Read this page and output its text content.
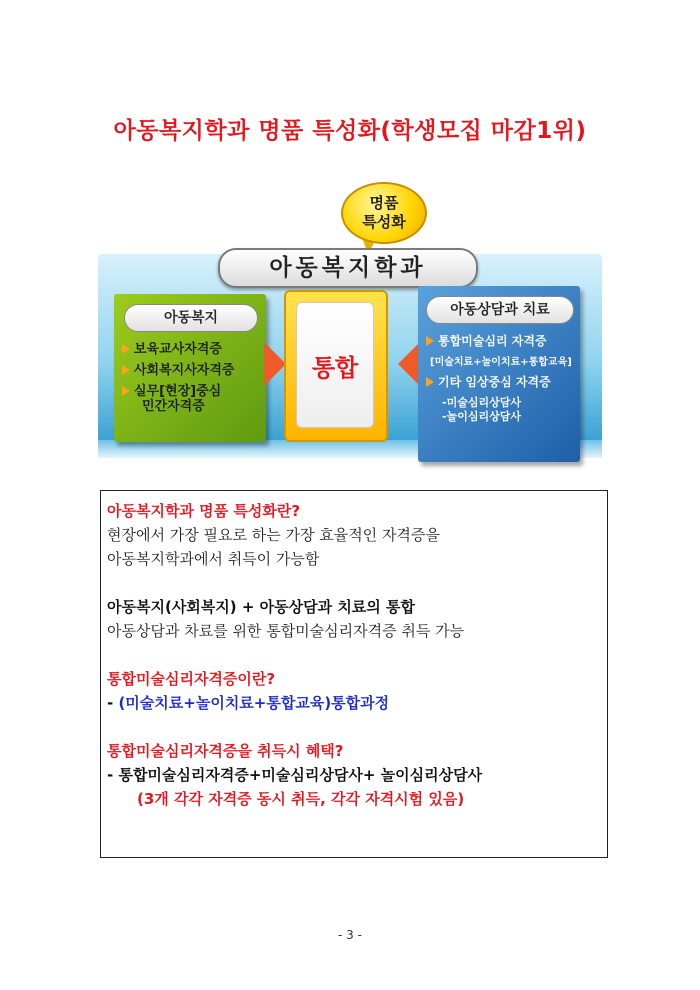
아동복지학과 명품 특성화(학생모집 마감1위)
명품
특성화
아동복지학과
아동복지
보육교사자격증
사회복지사자격증
실무[현장]중심
민간자격증
통합
아동상담과 치료
통합미술심리 자격증
[미술치료+놀이치료+통합교육]
기타 임상중심 자격증
-미술심리상담사
-놀이심리상담사
아동복지학과 명품 특성화란?
현장에서 가장 필요로 하는 가장 효율적인 자격증을
아동복지학과에서 취득이 가능함
아동복지(사회복지) + 아동상담과 치료의 통합
아동상담과 차료를 위한 통합미술심리자격증 취득 가능
통합미술심리자격증이란?
- (미술치료+놀이치료+통합교육)통합과정
통합미술심리자격증을 취득시 혜택?
- 통합미술심리자격증+미술심리상담사+ 놀이심리상담사
(3개 각각 자격증 동시 취득, 각각 자격시험 있음)
- 3 -
